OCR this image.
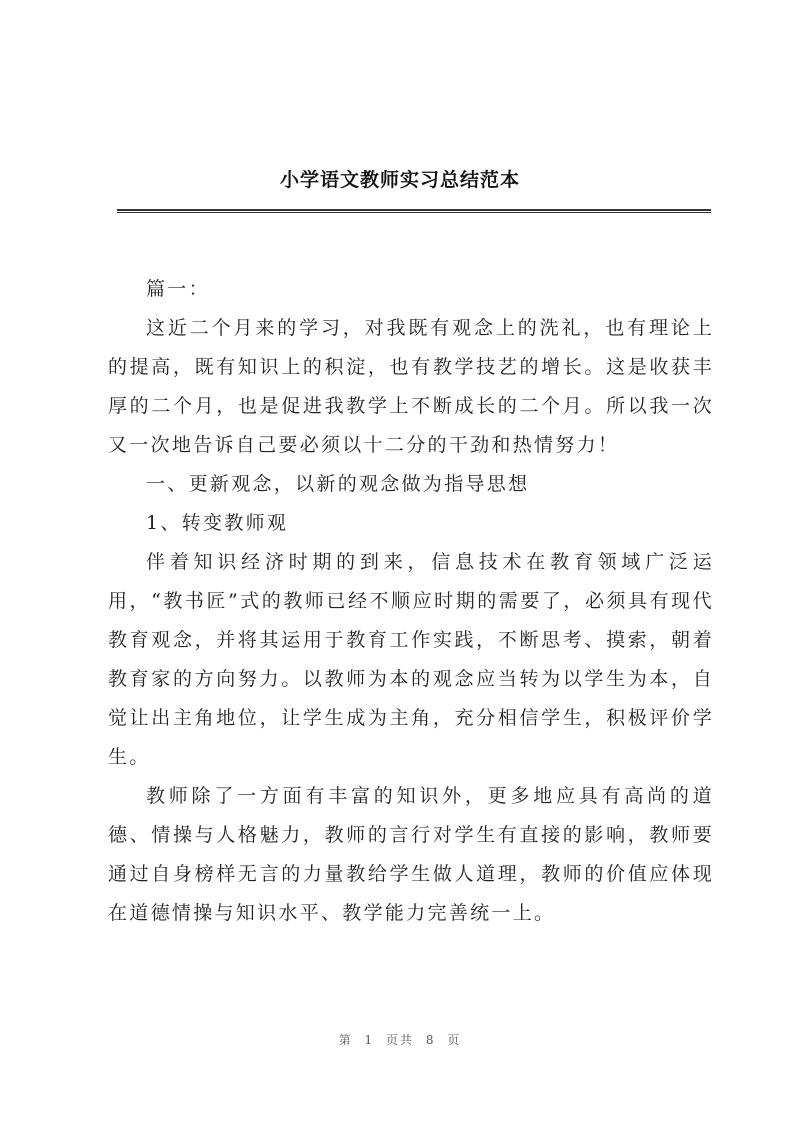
小学语文教师实习总结范本

篇一：

这近二个月来的学习，对我既有观念上的洗礼，也有理论上的提高，既有知识上的积淀，也有教学技艺的增长。这是收获丰厚的二个月，也是促进我教学上不断成长的二个月。所以我一次又一次地告诉自己要必须以十二分的干劲和热情努力！

一、更新观念，以新的观念做为指导思想

1、转变教师观

伴着知识经济时期的到来，信息技术在教育领域广泛运用，“教书匠”式的教师已经不顺应时期的需要了，必须具有现代教育观念，并将其运用于教育工作实践，不断思考、摸索，朝着教育家的方向努力。以教师为本的观念应当转为以学生为本，自觉让出主角地位，让学生成为主角，充分相信学生，积极评价学生。

教师除了一方面有丰富的知识外，更多地应具有高尚的道德、情操与人格魅力，教师的言行对学生有直接的影响，教师要通过自身榜样无言的力量教给学生做人道理，教师的价值应体现在道德情操与知识水平、教学能力完善统一上。

第 1 页共 8 页
